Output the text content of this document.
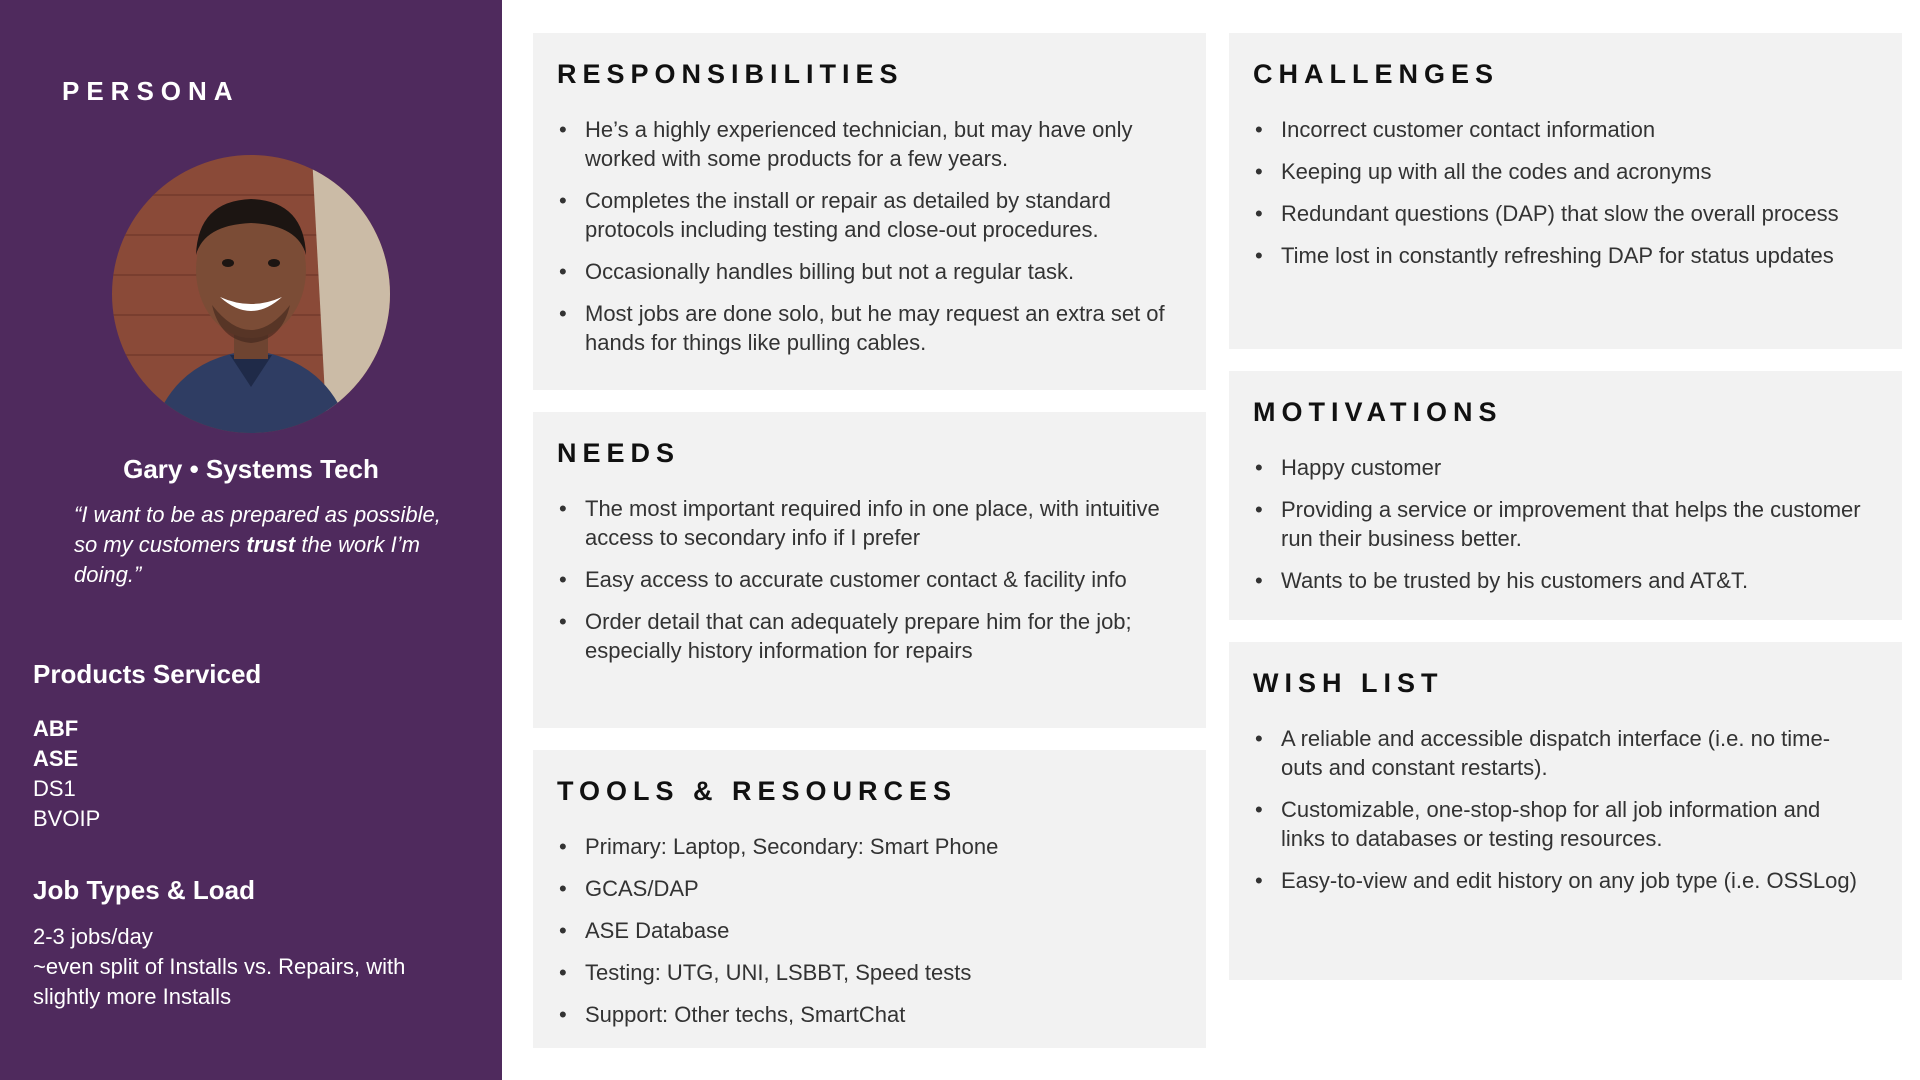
PERSONA
Gary • Systems Tech
“I want to be as prepared as possible, so my customers trust the work I’m doing.”
Products Serviced
ABF
ASE
DS1
BVOIP
Job Types & Load
2-3 jobs/day
~even split of Installs vs. Repairs, with slightly more Installs
RESPONSIBILITIES
• He’s a highly experienced technician, but may have only worked with some products for a few years.
• Completes the install or repair as detailed by standard protocols including testing and close-out procedures.
• Occasionally handles billing but not a regular task.
• Most jobs are done solo, but he may request an extra set of hands for things like pulling cables.
NEEDS
• The most important required info in one place, with intuitive access to secondary info if I prefer
• Easy access to accurate customer contact & facility info
• Order detail that can adequately prepare him for the job; especially history information for repairs
TOOLS & RESOURCES
• Primary: Laptop, Secondary: Smart Phone
• GCAS/DAP
• ASE Database
• Testing: UTG, UNI, LSBBT, Speed tests
• Support: Other techs, SmartChat
CHALLENGES
• Incorrect customer contact information
• Keeping up with all the codes and acronyms
• Redundant questions (DAP) that slow the overall process
• Time lost in constantly refreshing DAP for status updates
MOTIVATIONS
• Happy customer
• Providing a service or improvement that helps the customer run their business better.
• Wants to be trusted by his customers and AT&T.
WISH LIST
• A reliable and accessible dispatch interface (i.e. no time-outs and constant restarts).
• Customizable, one-stop-shop for all job information and links to databases or testing resources.
• Easy-to-view and edit history on any job type (i.e. OSSLog)
